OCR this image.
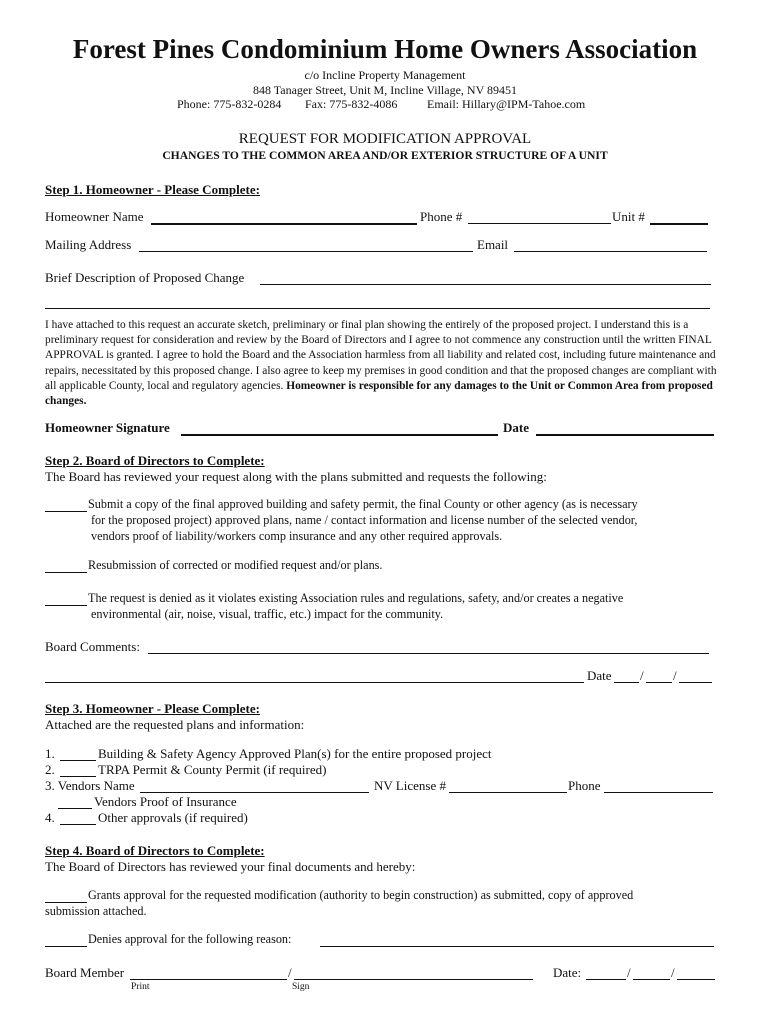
Forest Pines Condominium Home Owners Association
c/o Incline Property Management
848 Tanager Street, Unit M, Incline Village, NV 89451
Phone: 775-832-0284 Fax: 775-832-4086 Email: Hillary@IPM-Tahoe.com
REQUEST FOR MODIFICATION APPROVAL
CHANGES TO THE COMMON AREA AND/OR EXTERIOR STRUCTURE OF A UNIT
Step 1. Homeowner - Please Complete:
Homeowner Name	Phone #	Unit #
Mailing Address	Email
Brief Description of Proposed Change
I have attached to this request an accurate sketch, preliminary or final plan showing the entirely of the proposed project. I understand this is a preliminary request for consideration and review by the Board of Directors and I agree to not commence any construction until the written FINAL APPROVAL is granted. I agree to hold the Board and the Association harmless from all liability and related cost, including future maintenance and repairs, necessitated by this proposed change. I also agree to keep my premises in good condition and that the proposed changes are compliant with all applicable County, local and regulatory agencies. Homeowner is responsible for any damages to the Unit or Common Area from proposed changes.
Homeowner Signature	Date
Step 2. Board of Directors to Complete:
The Board has reviewed your request along with the plans submitted and requests the following:
Submit a copy of the final approved building and safety permit, the final County or other agency (as is necessary
for the proposed project) approved plans, name / contact information and license number of the selected vendor,
vendors proof of liability/workers comp insurance and any other required approvals.
Resubmission of corrected or modified request and/or plans.
The request is denied as it violates existing Association rules and regulations, safety, and/or creates a negative
environmental (air, noise, visual, traffic, etc.) impact for the community.
Board Comments:
Date / /
Step 3. Homeowner - Please Complete:
Attached are the requested plans and information:
1.	Building & Safety Agency Approved Plan(s) for the entire proposed project
2.	TRPA Permit & County Permit (if required)
3. Vendors Name	NV License #	Phone
Vendors Proof of Insurance
4.	Other approvals (if required)
Step 4. Board of Directors to Complete:
The Board of Directors has reviewed your final documents and hereby:
Grants approval for the requested modification (authority to begin construction) as submitted, copy of approved
submission attached.
Denies approval for the following reason:
Board Member	/	Date:	/	/
Print	Sign
